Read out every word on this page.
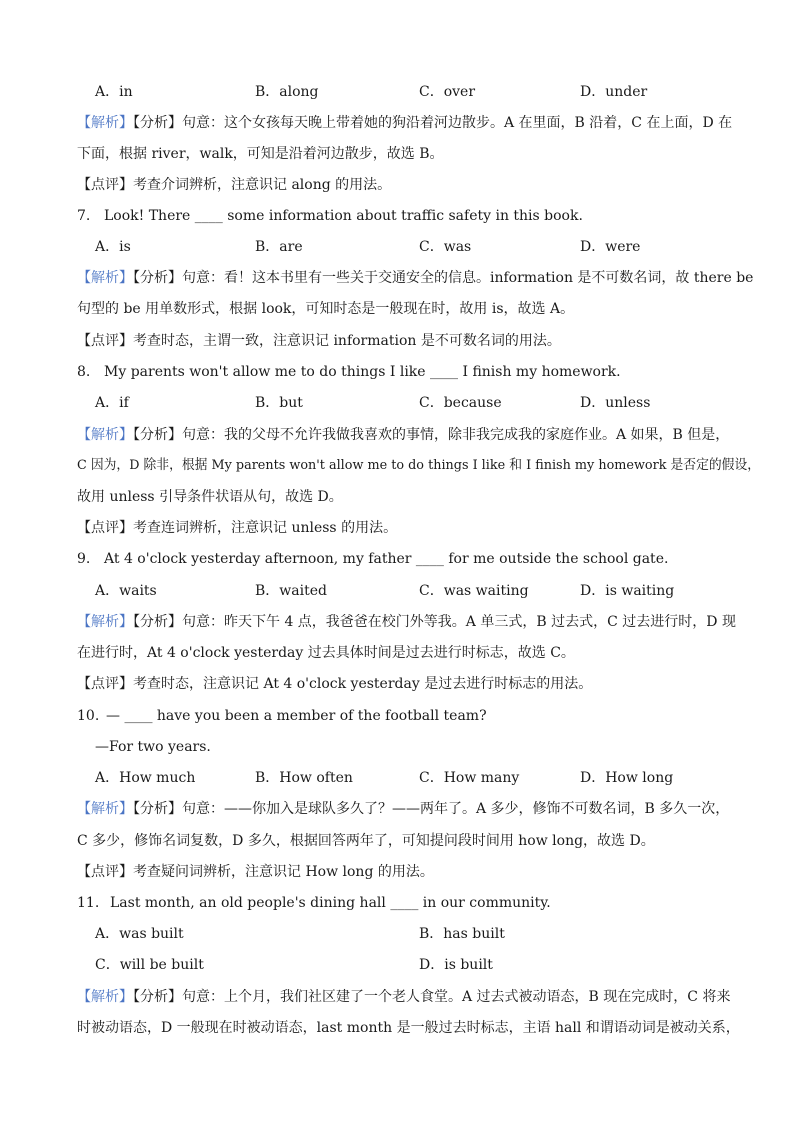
A．in	B．along	C．over	D．under
【解析】【分析】句意：这个女孩每天晚上带着她的狗沿着河边散步。A 在里面，B 沿着，C 在上面，D 在
下面，根据 river，walk，可知是沿着河边散步，故选 B。
【点评】考查介词辨析，注意识记 along 的用法。
7. Look! There ____ some information about traffic safety in this book.
A．is	B．are	C．was	D．were
【解析】【分析】句意：看！这本书里有一些关于交通安全的信息。information 是不可数名词，故 there be
句型的 be 用单数形式，根据 look，可知时态是一般现在时，故用 is，故选 A。
【点评】考查时态，主谓一致，注意识记 information 是不可数名词的用法。
8. My parents won't allow me to do things I like ____ I finish my homework.
A．if	B．but	C．because	D．unless
【解析】【分析】句意：我的父母不允许我做我喜欢的事情，除非我完成我的家庭作业。A 如果，B 但是，
C 因为，D 除非，根据 My parents won't allow me to do things I like 和 I finish my homework 是否定的假设，
故用 unless 引导条件状语从句，故选 D。
【点评】考查连词辨析，注意识记 unless 的用法。
9. At 4 o'clock yesterday afternoon, my father ____ for me outside the school gate.
A．waits	B．waited	C．was waiting	D．is waiting
【解析】【分析】句意：昨天下午 4 点，我爸爸在校门外等我。A 单三式，B 过去式，C 过去进行时，D 现
在进行时，At 4 o'clock yesterday 过去具体时间是过去进行时标志，故选 C。
【点评】考查时态，注意识记 At 4 o'clock yesterday 是过去进行时标志的用法。
10. — ____ have you been a member of the football team?
—For two years.
A．How much	B．How often	C．How many	D．How long
【解析】【分析】句意：——你加入是球队多久了？——两年了。A 多少，修饰不可数名词，B 多久一次，
C 多少，修饰名词复数，D 多久，根据回答两年了，可知提问段时间用 how long，故选 D。
【点评】考查疑问词辨析，注意识记 How long 的用法。
11. Last month, an old people's dining hall ____ in our community.
A．was built	B．has built
C．will be built	D．is built
【解析】【分析】句意：上个月，我们社区建了一个老人食堂。A 过去式被动语态，B 现在完成时，C 将来
时被动语态，D 一般现在时被动语态，last month 是一般过去时标志，主语 hall 和谓语动词是被动关系，
